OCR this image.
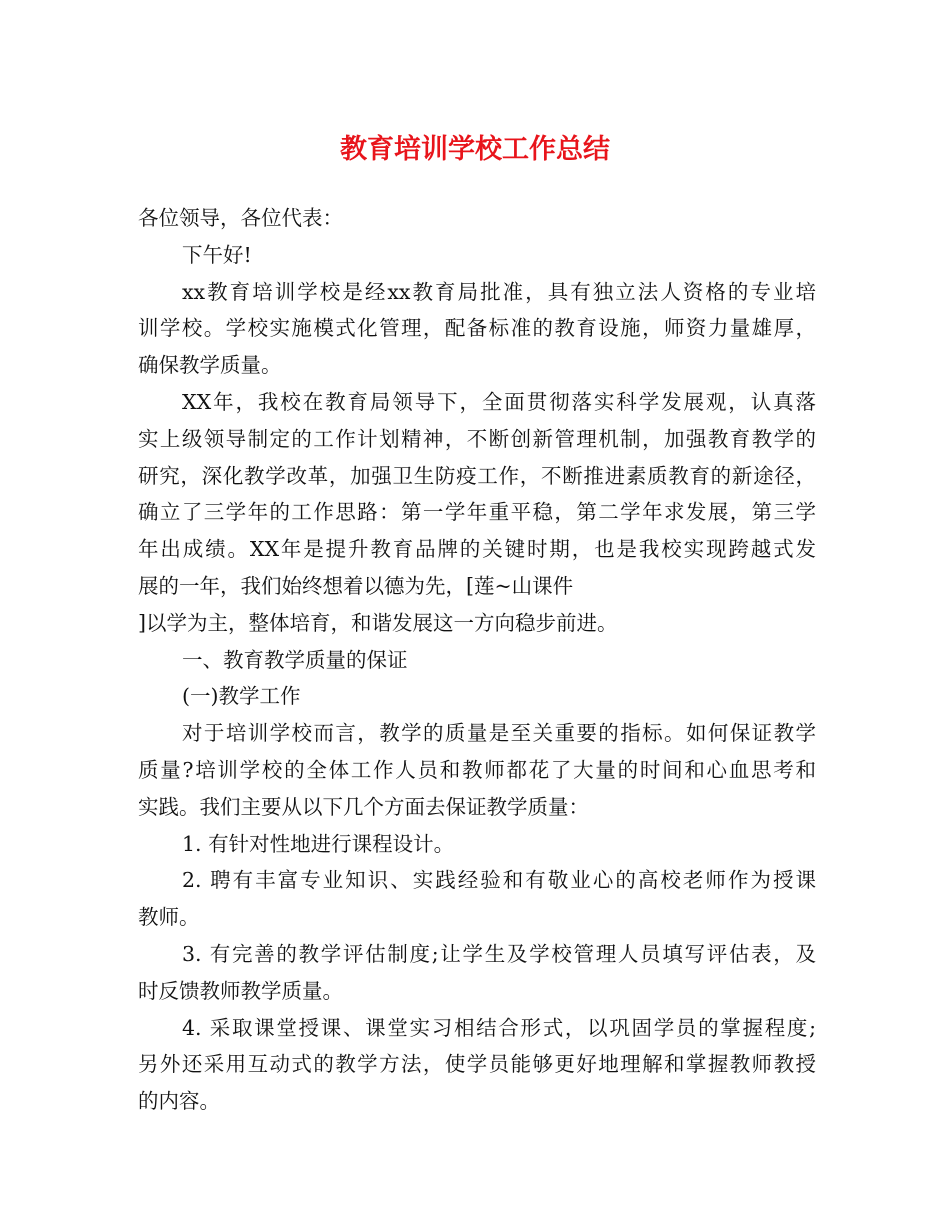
教育培训学校工作总结
各位领导，各位代表：
下午好!
xx教育培训学校是经xx教育局批准，具有独立法人资格的专业培
训学校。学校实施模式化管理，配备标准的教育设施，师资力量雄厚，
确保教学质量。
XX年，我校在教育局领导下，全面贯彻落实科学发展观，认真落
实上级领导制定的工作计划精神，不断创新管理机制，加强教育教学的
研究，深化教学改革，加强卫生防疫工作，不断推进素质教育的新途径，
确立了三学年的工作思路：第一学年重平稳，第二学年求发展，第三学
年出成绩。XX年是提升教育品牌的关键时期，也是我校实现跨越式发
展的一年，我们始终想着以德为先，[莲~山课件
]以学为主，整体培育，和谐发展这一方向稳步前进。
一、教育教学质量的保证
(一)教学工作
对于培训学校而言，教学的质量是至关重要的指标。如何保证教学
质量?培训学校的全体工作人员和教师都花了大量的时间和心血思考和
实践。我们主要从以下几个方面去保证教学质量：
1. 有针对性地进行课程设计。
2. 聘有丰富专业知识、实践经验和有敬业心的高校老师作为授课
教师。
3. 有完善的教学评估制度;让学生及学校管理人员填写评估表，及
时反馈教师教学质量。
4. 采取课堂授课、课堂实习相结合形式，以巩固学员的掌握程度;
另外还采用互动式的教学方法，使学员能够更好地理解和掌握教师教授
的内容。
